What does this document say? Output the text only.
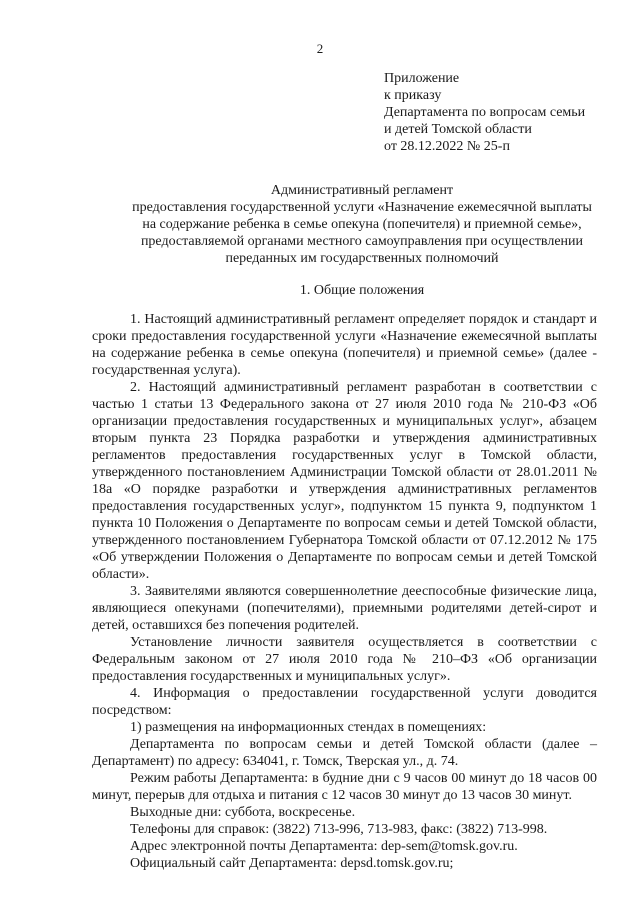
2
Приложение
к приказу
Департамента по вопросам семьи
и детей Томской области
от 28.12.2022 № 25-п
Административный регламент
предоставления государственной услуги «Назначение ежемесячной выплаты
на содержание ребенка в семье опекуна (попечителя) и приемной семье»,
предоставляемой органами местного самоуправления при осуществлении
переданных им государственных полномочий
1. Общие положения

1. Настоящий административный регламент определяет порядок и стандарт и сроки предоставления государственной услуги «Назначение ежемесячной выплаты на содержание ребенка в семье опекуна (попечителя) и приемной семье» (далее - государственная услуга).

2. Настоящий административный регламент разработан в соответствии с частью 1 статьи 13 Федерального закона от 27 июля 2010 года № 210-ФЗ «Об организации предоставления государственных и муниципальных услуг», абзацем вторым пункта 23 Порядка разработки и утверждения административных регламентов предоставления государственных услуг в Томской области, утвержденного постановлением Администрации Томской области от 28.01.2011 № 18а «О порядке разработки и утверждения административных регламентов предоставления государственных услуг», подпунктом 15 пункта 9, подпунктом 1 пункта 10 Положения о Департаменте по вопросам семьи и детей Томской области, утвержденного постановлением Губернатора Томской области от 07.12.2012 № 175 «Об утверждении Положения о Департаменте по вопросам семьи и детей Томской области».

3. Заявителями являются совершеннолетние дееспособные физические лица, являющиеся опекунами (попечителями), приемными родителями детей-сирот и детей, оставшихся без попечения родителей.

Установление личности заявителя осуществляется в соответствии с Федеральным законом от 27 июля 2010 года № 210–ФЗ «Об организации предоставления государственных и муниципальных услуг».

4. Информация о предоставлении государственной услуги доводится посредством:

1) размещения на информационных стендах в помещениях:

Департамента по вопросам семьи и детей Томской области (далее – Департамент) по адресу: 634041, г. Томск, Тверская ул., д. 74.

Режим работы Департамента: в будние дни с 9 часов 00 минут до 18 часов 00 минут, перерыв для отдыха и питания с 12 часов 30 минут до 13 часов 30 минут.

Выходные дни: суббота, воскресенье.

Телефоны для справок: (3822) 713-996, 713-983, факс: (3822) 713-998.

Адрес электронной почты Департамента: dep-sem@tomsk.gov.ru.

Официальный сайт Департамента: depsd.tomsk.gov.ru;
